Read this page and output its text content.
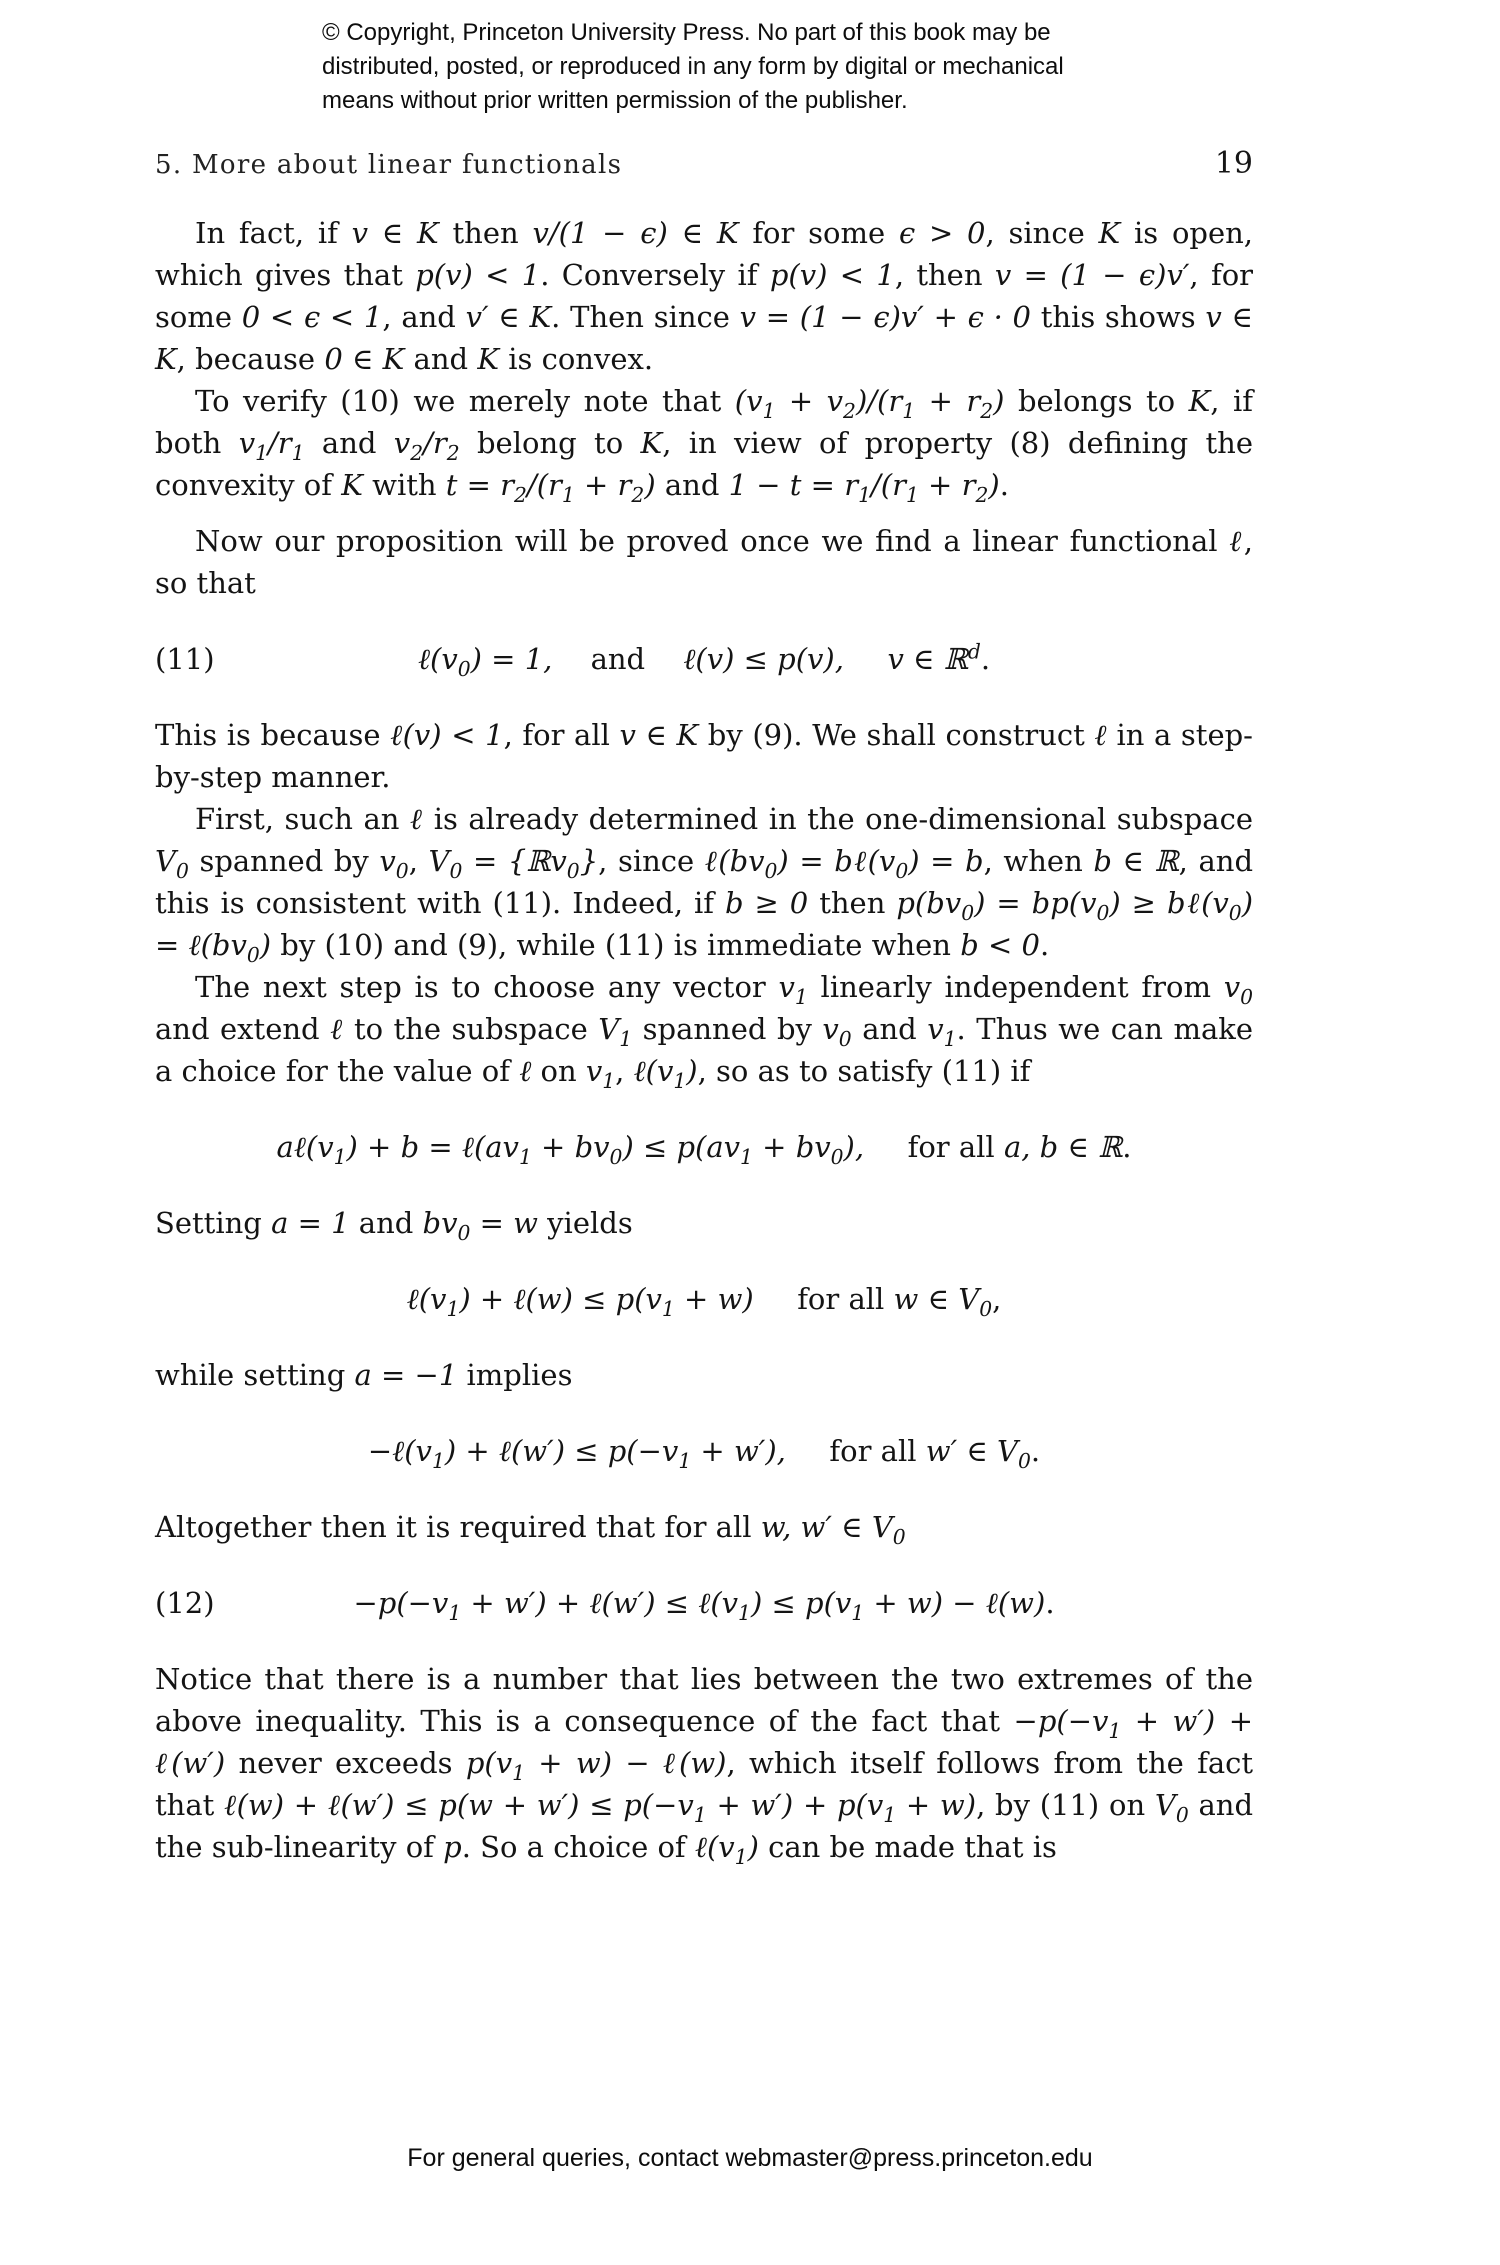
© Copyright, Princeton University Press. No part of this book may be
distributed, posted, or reproduced in any form by digital or mechanical
means without prior written permission of the publisher.
5. More about linear functionals	19

In fact, if v ∈ K then v/(1 − ϵ) ∈ K for some ϵ > 0, since K is open, which gives that p(v) < 1. Conversely if p(v) < 1, then v = (1 − ϵ)v′, for some 0 < ϵ < 1, and v′ ∈ K. Then since v = (1 − ϵ)v′ + ϵ · 0 this shows v ∈ K, because 0 ∈ K and K is convex.

To verify (10) we merely note that $(v_1 + v_2)/(r_1 + r_2)$ belongs to K, if both $v_1/r_1$ and $v_2/r_2$ belong to K, in view of property (8) defining the convexity of K with $t = r_2/(r_1 + r_2)$ and $1 - t = r_1/(r_1 + r_2)$.

Now our proposition will be proved once we find a linear functional ℓ, so that

(11)	$\ell(v_0) = 1$,  and  ℓ(v) ≤ p(v),   v ∈ ℝ$^d$.

This is because ℓ(v) < 1, for all v ∈ K by (9). We shall construct ℓ in a step-by-step manner.

First, such an ℓ is already determined in the one-dimensional subspace $V_0$ spanned by $v_0$, $V_0$ = {ℝv$_0$}, since $\ell(bv_0)$ = $b\ell(v_0) = b$, when b ∈ ℝ, and this is consistent with (11). Indeed, if b ≥ 0 then $p(bv_0) = bp(v_0)$ ≥ $b\ell(v_0)$ = $\ell(bv_0)$ by (10) and (9), while (11) is immediate when b < 0.

The next step is to choose any vector $v_1$ linearly independent from $v_0$ and extend ℓ to the subspace $V_1$ spanned by $v_0$ and $v_1$. Thus we can make a choice for the value of ℓ on $v_1$, $\ell(v_1)$, so as to satisfy (11) if

$a\ell(v_1) + b$ = $\ell(av_1 + bv_0) \le p(av_1 + bv_0)$,  for all a, b ∈ ℝ.

Setting a = 1 and $bv_0 = w$ yields

$\ell(v_1)$ + ℓ(w) ≤ $p(v_1 + w)$  for all w ∈ $V_0$,

while setting a = −1 implies

$-\ell(v_1)$ + ℓ(w′) ≤ $p(-v_1 + w')$,  for all w′ ∈ $V_0$.

Altogether then it is required that for all w, w′ ∈ $V_0$

(12)	$-p(-v_1 + w')$ + ℓ(w′) ≤ $\ell(v_1) \le p(v_1 + w)$ − ℓ(w).

Notice that there is a number that lies between the two extremes of the above inequality. This is a consequence of the fact that $-p(-v_1 + w')$ + ℓ(w′) never exceeds $p(v_1 + w)$ − ℓ(w), which itself follows from the fact that ℓ(w) + ℓ(w′) ≤ $p(w + w') \le p(-v_1 + w') + p(v_1 + w)$, by (11) on $V_0$ and the sub-linearity of p. So a choice of $\ell(v_1)$ can be made that is

For general queries, contact webmaster@press.princeton.edu
